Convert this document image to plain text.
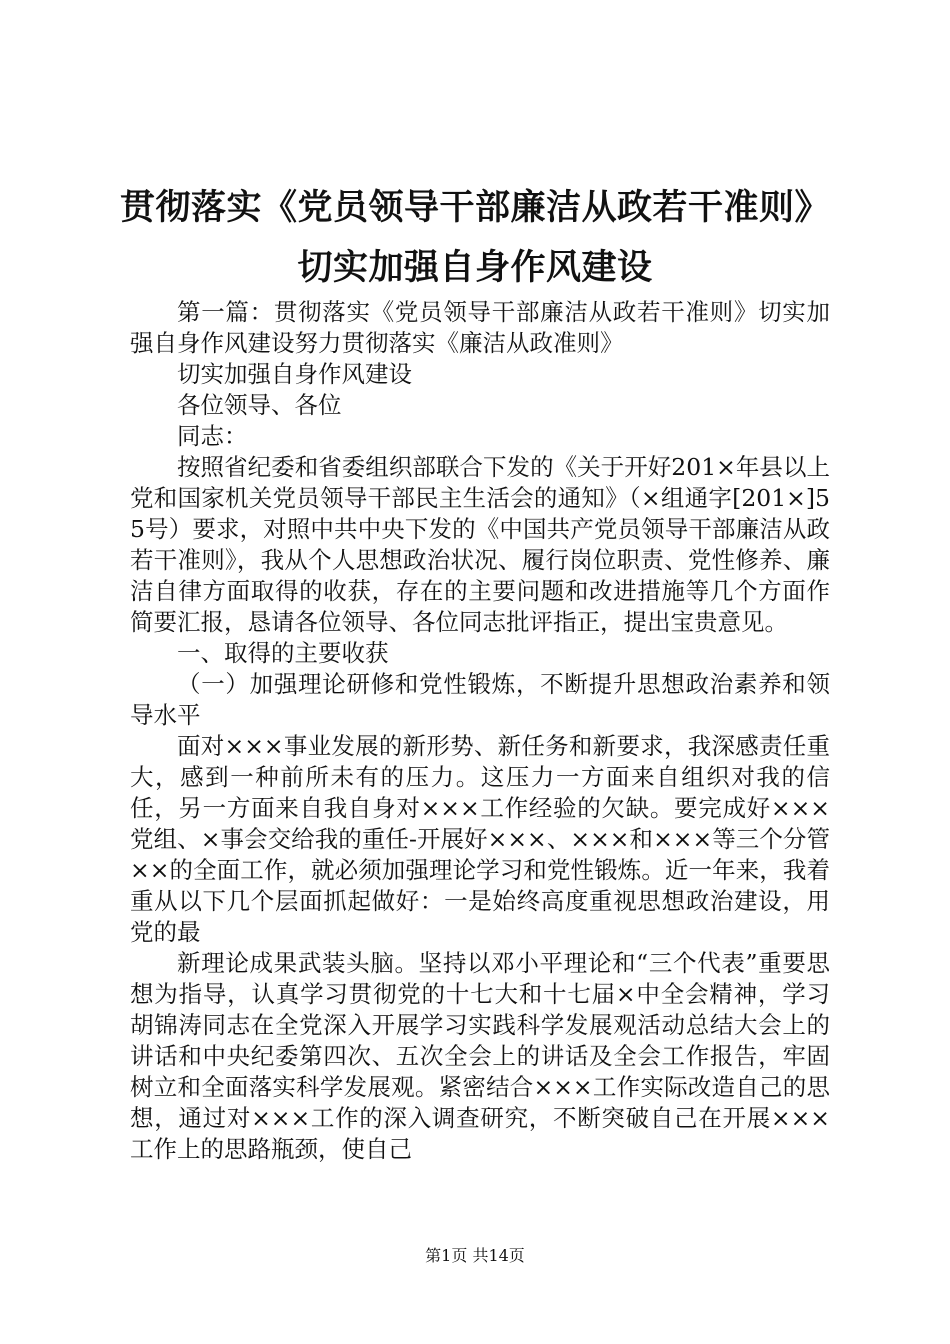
贯彻落实《党员领导干部廉洁从政若干准则》
切实加强自身作风建设

第一篇：贯彻落实《党员领导干部廉洁从政若干准则》切实加强自身作风建设努力贯彻落实《廉洁从政准则》

切实加强自身作风建设

各位领导、各位

同志：

按照省纪委和省委组织部联合下发的《关于开好201×年县以上党和国家机关党员领导干部民主生活会的通知》（×组通字[201×]55号）要求，对照中共中央下发的《中国共产党员领导干部廉洁从政若干准则》，我从个人思想政治状况、履行岗位职责、党性修养、廉洁自律方面取得的收获，存在的主要问题和改进措施等几个方面作简要汇报，恳请各位领导、各位同志批评指正，提出宝贵意见。

一、取得的主要收获

（一）加强理论研修和党性锻炼，不断提升思想政治素养和领导水平

面对×××事业发展的新形势、新任务和新要求，我深感责任重大，感到一种前所未有的压力。这压力一方面来自组织对我的信任，另一方面来自我自身对×××工作经验的欠缺。要完成好×××党组、×事会交给我的重任-开展好×××、×××和×××等三个分管××的全面工作，就必须加强理论学习和党性锻炼。近一年来，我着重从以下几个层面抓起做好：一是始终高度重视思想政治建设，用党的最

新理论成果武装头脑。坚持以邓小平理论和“三个代表”重要思想为指导，认真学习贯彻党的十七大和十七届×中全会精神，学习胡锦涛同志在全党深入开展学习实践科学发展观活动总结大会上的讲话和中央纪委第四次、五次全会上的讲话及全会工作报告，牢固树立和全面落实科学发展观。紧密结合×××工作实际改造自己的思想，通过对×××工作的深入调查研究，不断突破自己在开展×××工作上的思路瓶颈，使自己

第1页 共14页
